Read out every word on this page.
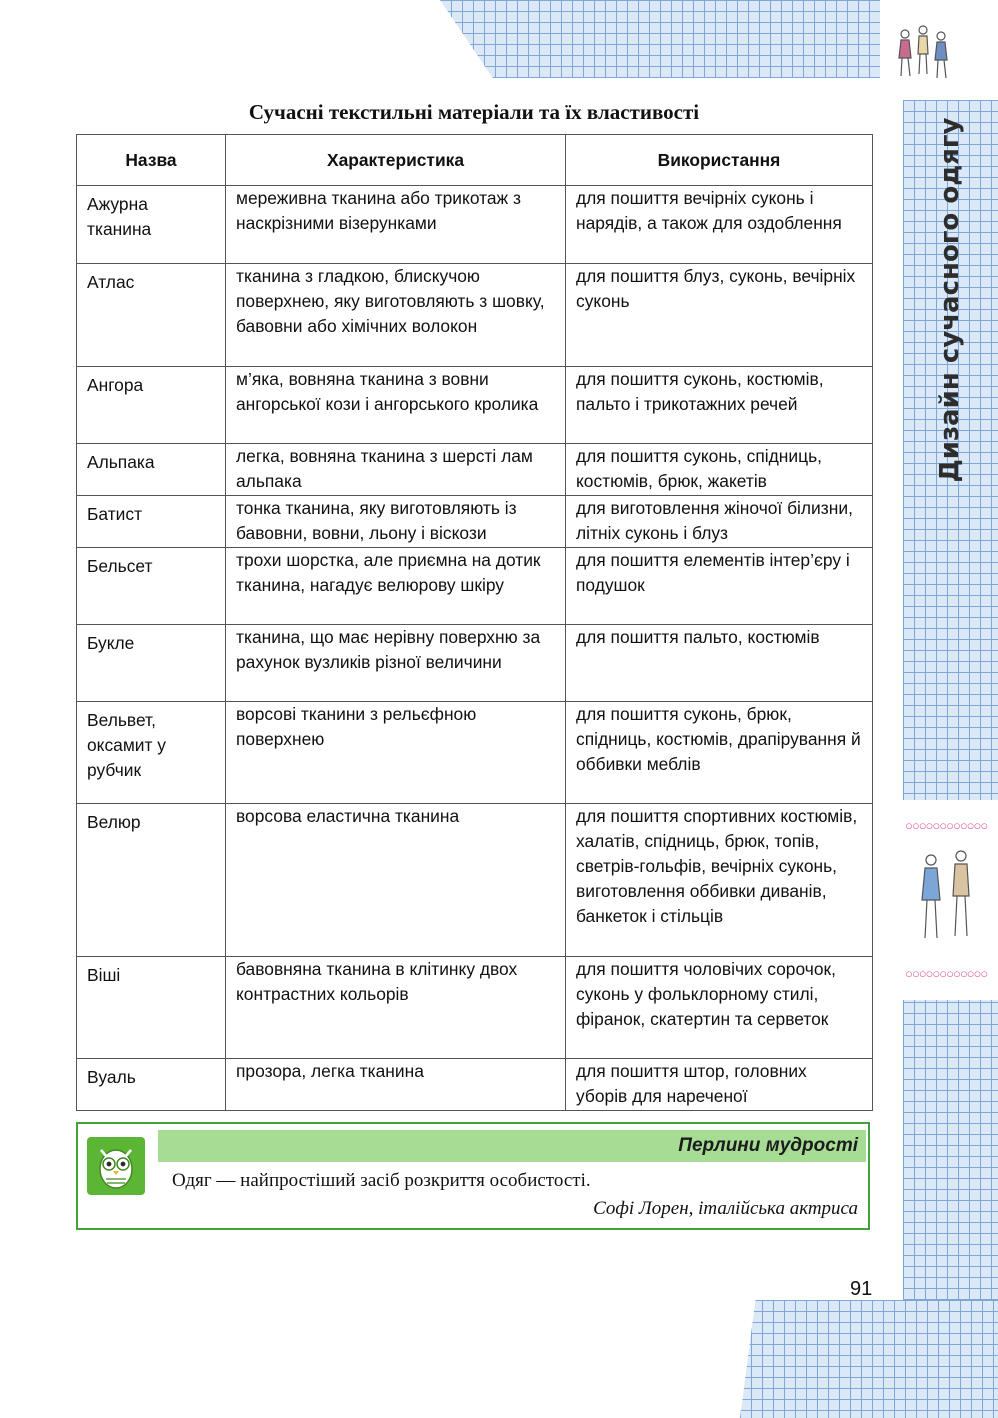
○○○○○○○○○○○○
○○○○○○○○○○○○
Дизайн сучасного одягу
Сучасні текстильні матеріали та їх властивості
Назва	Характеристика	Використання
Ажурна тканина	мереживна тканина або трикотаж з наскрізними візерунками	для пошиття вечірніх суконь і нарядів, а також для оздоблення
Атлас	тканина з гладкою, блискучою поверхнею, яку виготовляють з шовку, бавовни або хімічних волокон	для пошиття блуз, суконь, вечірніх суконь
Ангора	м’яка, вовняна тканина з вовни ангорської кози і ангорського кролика	для пошиття суконь, костюмів, пальто і трикотажних речей
Альпака	легка, вовняна тканина з шерсті лам альпака	для пошиття суконь, спідниць, костюмів, брюк, жакетів
Батист	тонка тканина, яку виготовляють із бавовни, вовни, льону і віскози	для виготовлення жіночої білизни, літніх суконь і блуз
Бельсет	трохи шорстка, але приємна на дотик тканина, нагадує велюрову шкіру	для пошиття елементів інтер’єру і подушок
Букле	тканина, що має нерівну поверхню за рахунок вузликів різної величини	для пошиття пальто, костюмів
Вельвет, оксамит у рубчик	ворсові тканини з рельєфною поверхнею	для пошиття суконь, брюк, спідниць, костюмів, драпірування й оббивки меблів
Велюр	ворсова еластична тканина	для пошиття спортивних костюмів, халатів, спідниць, брюк, топів, светрів-гольфів, вечірніх суконь, виготовлення оббивки диванів, банкеток і стільців
Віші	бавовняна тканина в клітинку двох контрастних кольорів	для пошиття чоловічих сорочок, суконь у фольклорному стилі, фіранок, скатертин та серветок
Вуаль	прозора, легка тканина	для пошиття штор, головних уборів для нареченої
Перлини мудрості
Одяг — найпростіший засіб розкриття особистості.
Софі Лорен, італійська актриса
91
